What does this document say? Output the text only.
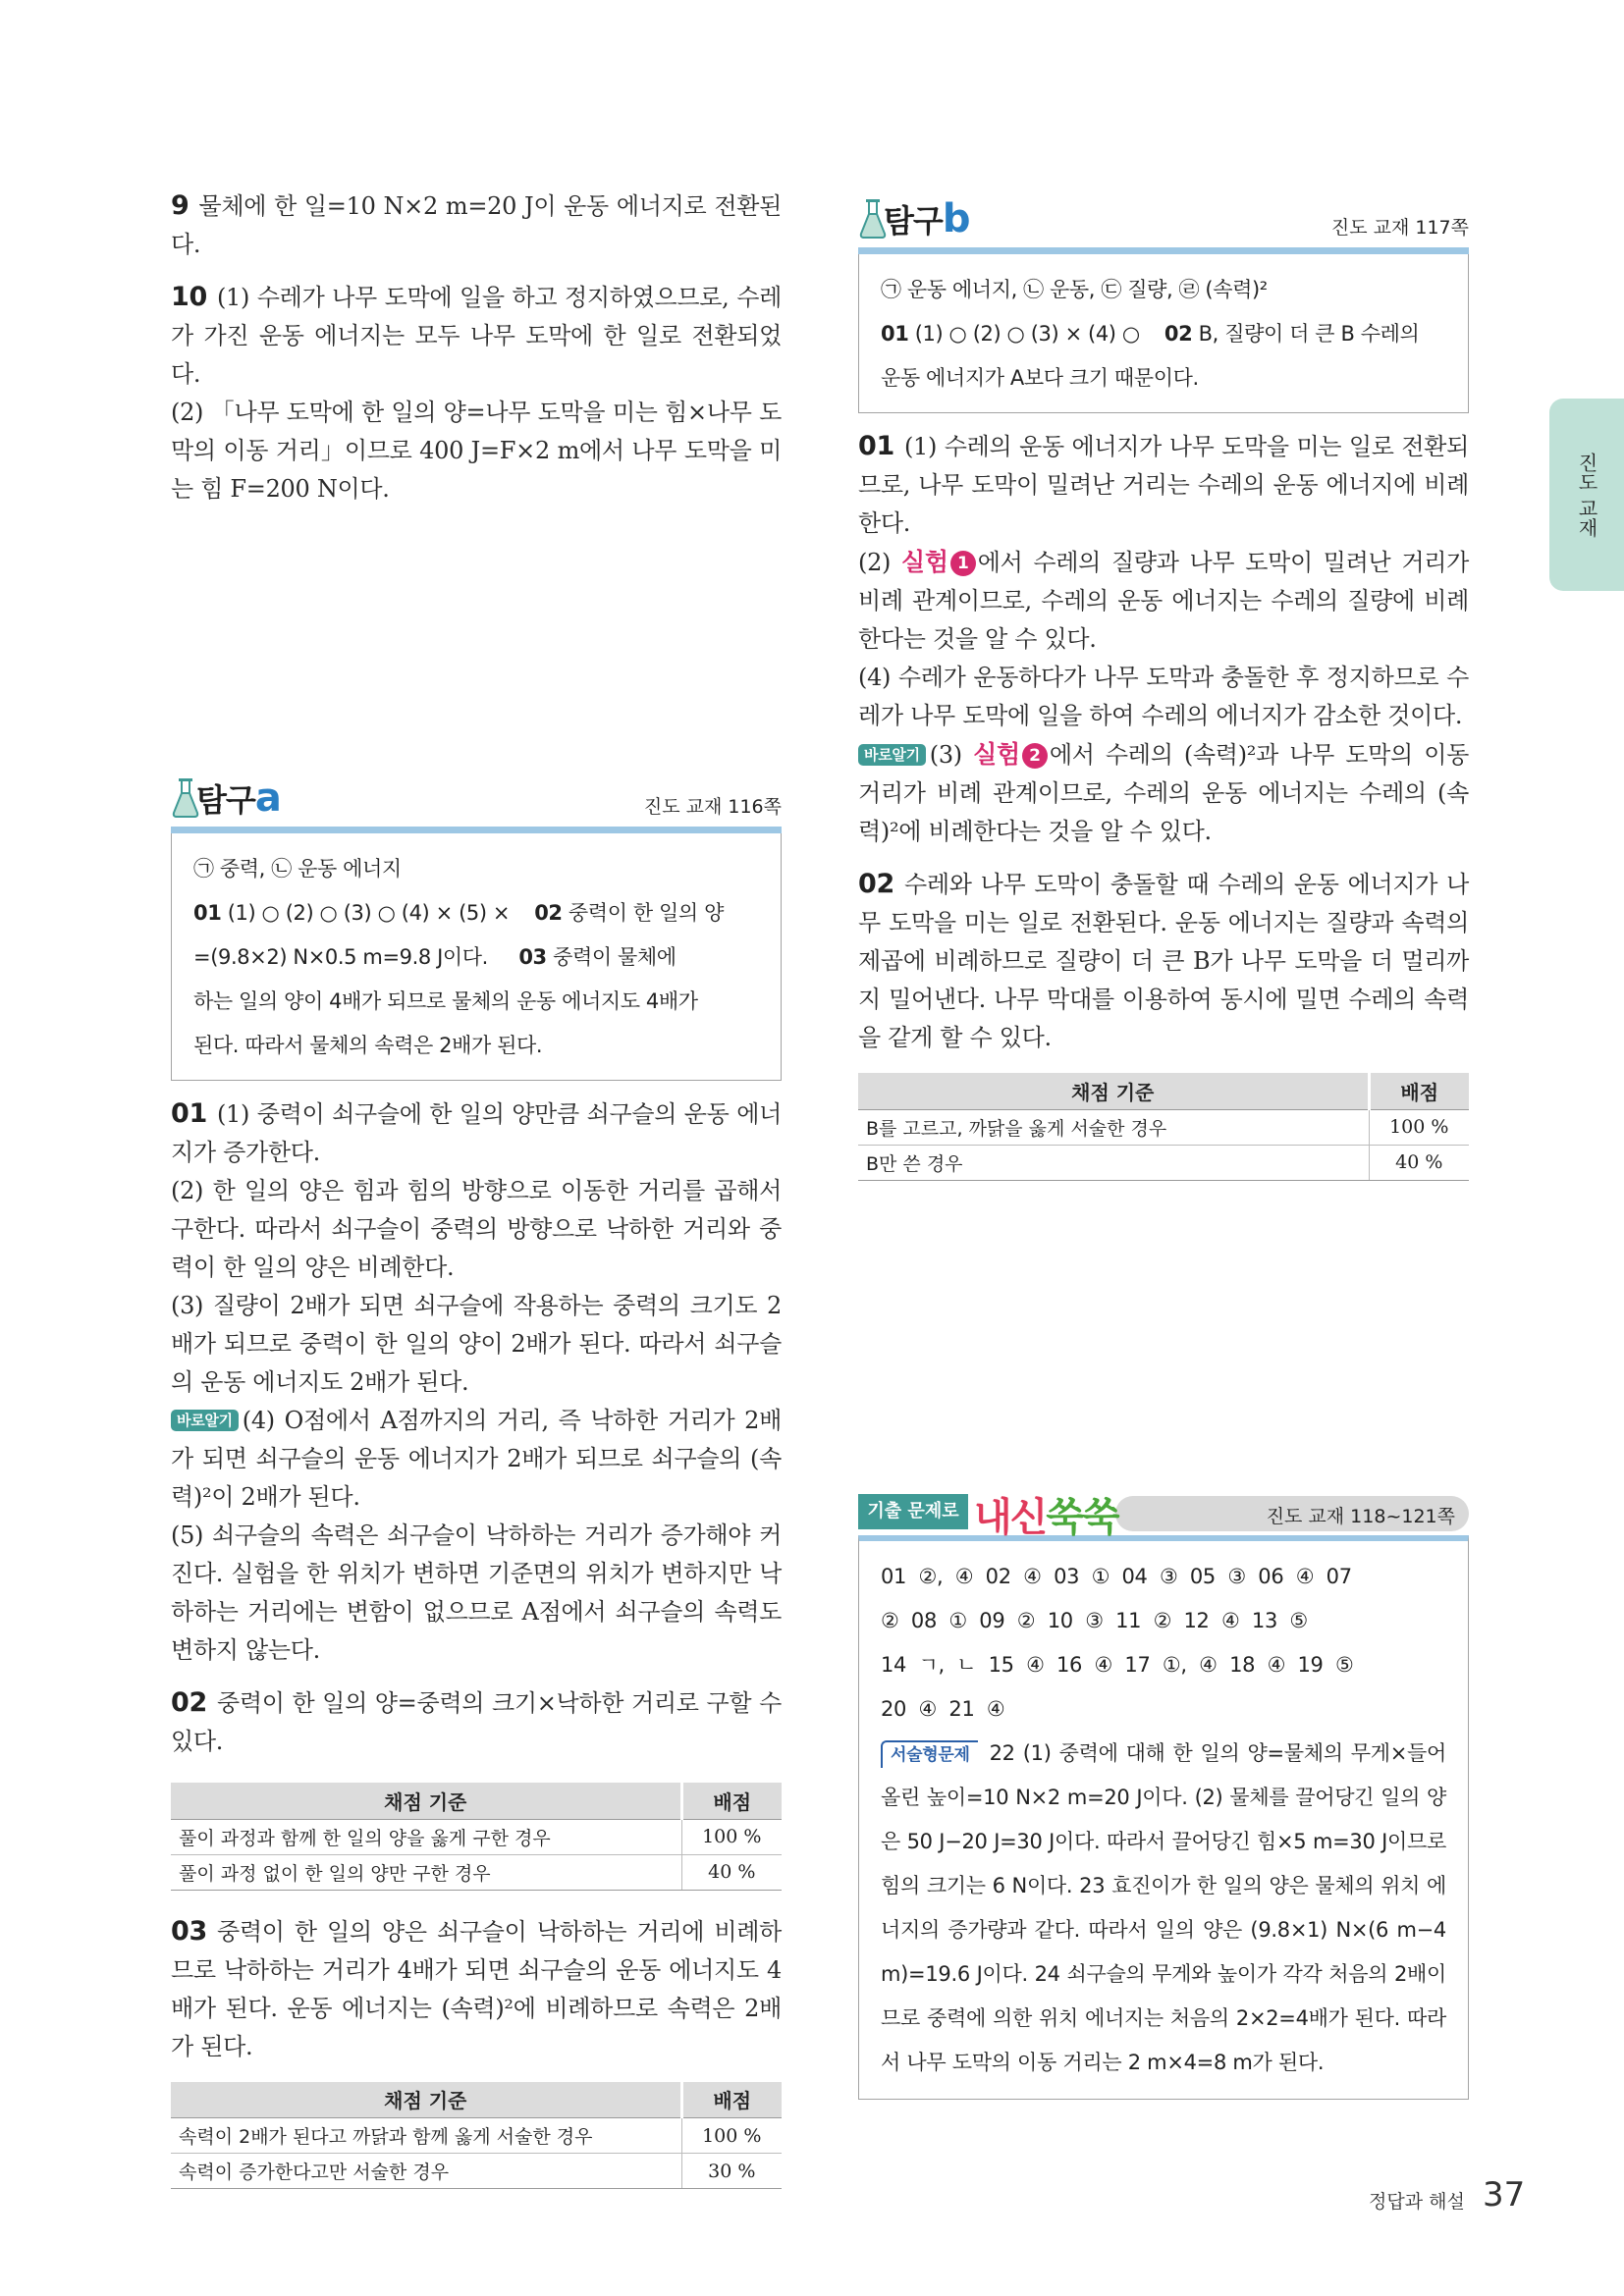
9 물체에 한 일=10 N×2 m=20 J이 운동 에너지로 전환된다.

10 (1) 수레가 나무 도막에 일을 하고 정지하였으므로, 수레가 가진 운동 에너지는 모두 나무 도막에 한 일로 전환되었다.

(2) 「나무 도막에 한 일의 양=나무 도막을 미는 힘×나무 도막의 이동 거리」이므로 400 J=F×2 m에서 나무 도막을 미는 힘 F=200 N이다.

탐구a	진도 교재 116쪽
㉠ 중력, ㉡ 운동 에너지
01 (1) ○ (2) ○ (3) ○ (4) × (5) × 02 중력이 한 일의 양
=(9.8×2) N×0.5 m=9.8 J이다. 03 중력이 물체에
하는 일의 양이 4배가 되므로 물체의 운동 에너지도 4배가
된다. 따라서 물체의 속력은 2배가 된다.

01 (1) 중력이 쇠구슬에 한 일의 양만큼 쇠구슬의 운동 에너지가 증가한다.

(2) 한 일의 양은 힘과 힘의 방향으로 이동한 거리를 곱해서 구한다. 따라서 쇠구슬이 중력의 방향으로 낙하한 거리와 중력이 한 일의 양은 비례한다.

(3) 질량이 2배가 되면 쇠구슬에 작용하는 중력의 크기도 2배가 되므로 중력이 한 일의 양이 2배가 된다. 따라서 쇠구슬의 운동 에너지도 2배가 된다.

바로알기 (4) O점에서 A점까지의 거리, 즉 낙하한 거리가 2배가 되면 쇠구슬의 운동 에너지가 2배가 되므로 쇠구슬의 (속력)²이 2배가 된다.

(5) 쇠구슬의 속력은 쇠구슬이 낙하하는 거리가 증가해야 커진다. 실험을 한 위치가 변하면 기준면의 위치가 변하지만 낙하하는 거리에는 변함이 없으므로 A점에서 쇠구슬의 속력도 변하지 않는다.

02 중력이 한 일의 양=중력의 크기×낙하한 거리로 구할 수 있다.

채점 기준	배점
풀이 과정과 함께 한 일의 양을 옳게 구한 경우	100 %
풀이 과정 없이 한 일의 양만 구한 경우	40 %

03 중력이 한 일의 양은 쇠구슬이 낙하하는 거리에 비례하므로 낙하하는 거리가 4배가 되면 쇠구슬의 운동 에너지도 4배가 된다. 운동 에너지는 (속력)²에 비례하므로 속력은 2배가 된다.

채점 기준	배점
속력이 2배가 된다고 까닭과 함께 옳게 서술한 경우	100 %
속력이 증가한다고만 서술한 경우	30 %
탐구b	진도 교재 117쪽
㉠ 운동 에너지, ㉡ 운동, ㉢ 질량, ㉣ (속력)²
01 (1) ○ (2) ○ (3) × (4) ○ 02 B, 질량이 더 큰 B 수레의
운동 에너지가 A보다 크기 때문이다.

01 (1) 수레의 운동 에너지가 나무 도막을 미는 일로 전환되므로, 나무 도막이 밀려난 거리는 수레의 운동 에너지에 비례한다.

(2) 실험 1 에서 수레의 질량과 나무 도막이 밀려난 거리가 비례 관계이므로, 수레의 운동 에너지는 수레의 질량에 비례한다는 것을 알 수 있다.

(4) 수레가 운동하다가 나무 도막과 충돌한 후 정지하므로 수레가 나무 도막에 일을 하여 수레의 에너지가 감소한 것이다.

바로알기 (3) 실험 2 에서 수레의 (속력)²과 나무 도막의 이동 거리가 비례 관계이므로, 수레의 운동 에너지는 수레의 (속력)²에 비례한다는 것을 알 수 있다.

02 수레와 나무 도막이 충돌할 때 수레의 운동 에너지가 나무 도막을 미는 일로 전환된다. 운동 에너지는 질량과 속력의 제곱에 비례하므로 질량이 더 큰 B가 나무 도막을 더 멀리까지 밀어낸다. 나무 막대를 이용하여 동시에 밀면 수레의 속력을 같게 할 수 있다.

채점 기준	배점
B를 고르고, 까닭을 옳게 서술한 경우	100 %
B만 쓴 경우	40 %
기출 문제로	진도 교재 118~121쪽
내신쑥쑥
01 ②, ④ 02 ④ 03 ① 04 ③ 05 ③ 06 ④ 07
② 08 ① 09 ② 10 ③ 11 ② 12 ④ 13 ⑤
14 ㄱ, ㄴ 15 ④ 16 ④ 17 ①, ④ 18 ④ 19 ⑤
20 ④ 21 ④
서술형문제 22 (1) 중력에 대해 한 일의 양=물체의 무게×들어 올린 높이=10 N×2 m=20 J이다. (2) 물체를 끌어당긴 일의 양은 50 J−20 J=30 J이다. 따라서 끌어당긴 힘×5 m=30 J이므로 힘의 크기는 6 N이다. 23 효진이가 한 일의 양은 물체의 위치 에너지의 증가량과 같다. 따라서 일의 양은 (9.8×1) N×(6 m−4 m)=19.6 J이다. 24 쇠구슬의 무게와 높이가 각각 처음의 2배이므로 중력에 의한 위치 에너지는 처음의 2×2=4배가 된다. 따라서 나무 도막의 이동 거리는 2 m×4=8 m가 된다.
진도 교재
정답과 해설 37
